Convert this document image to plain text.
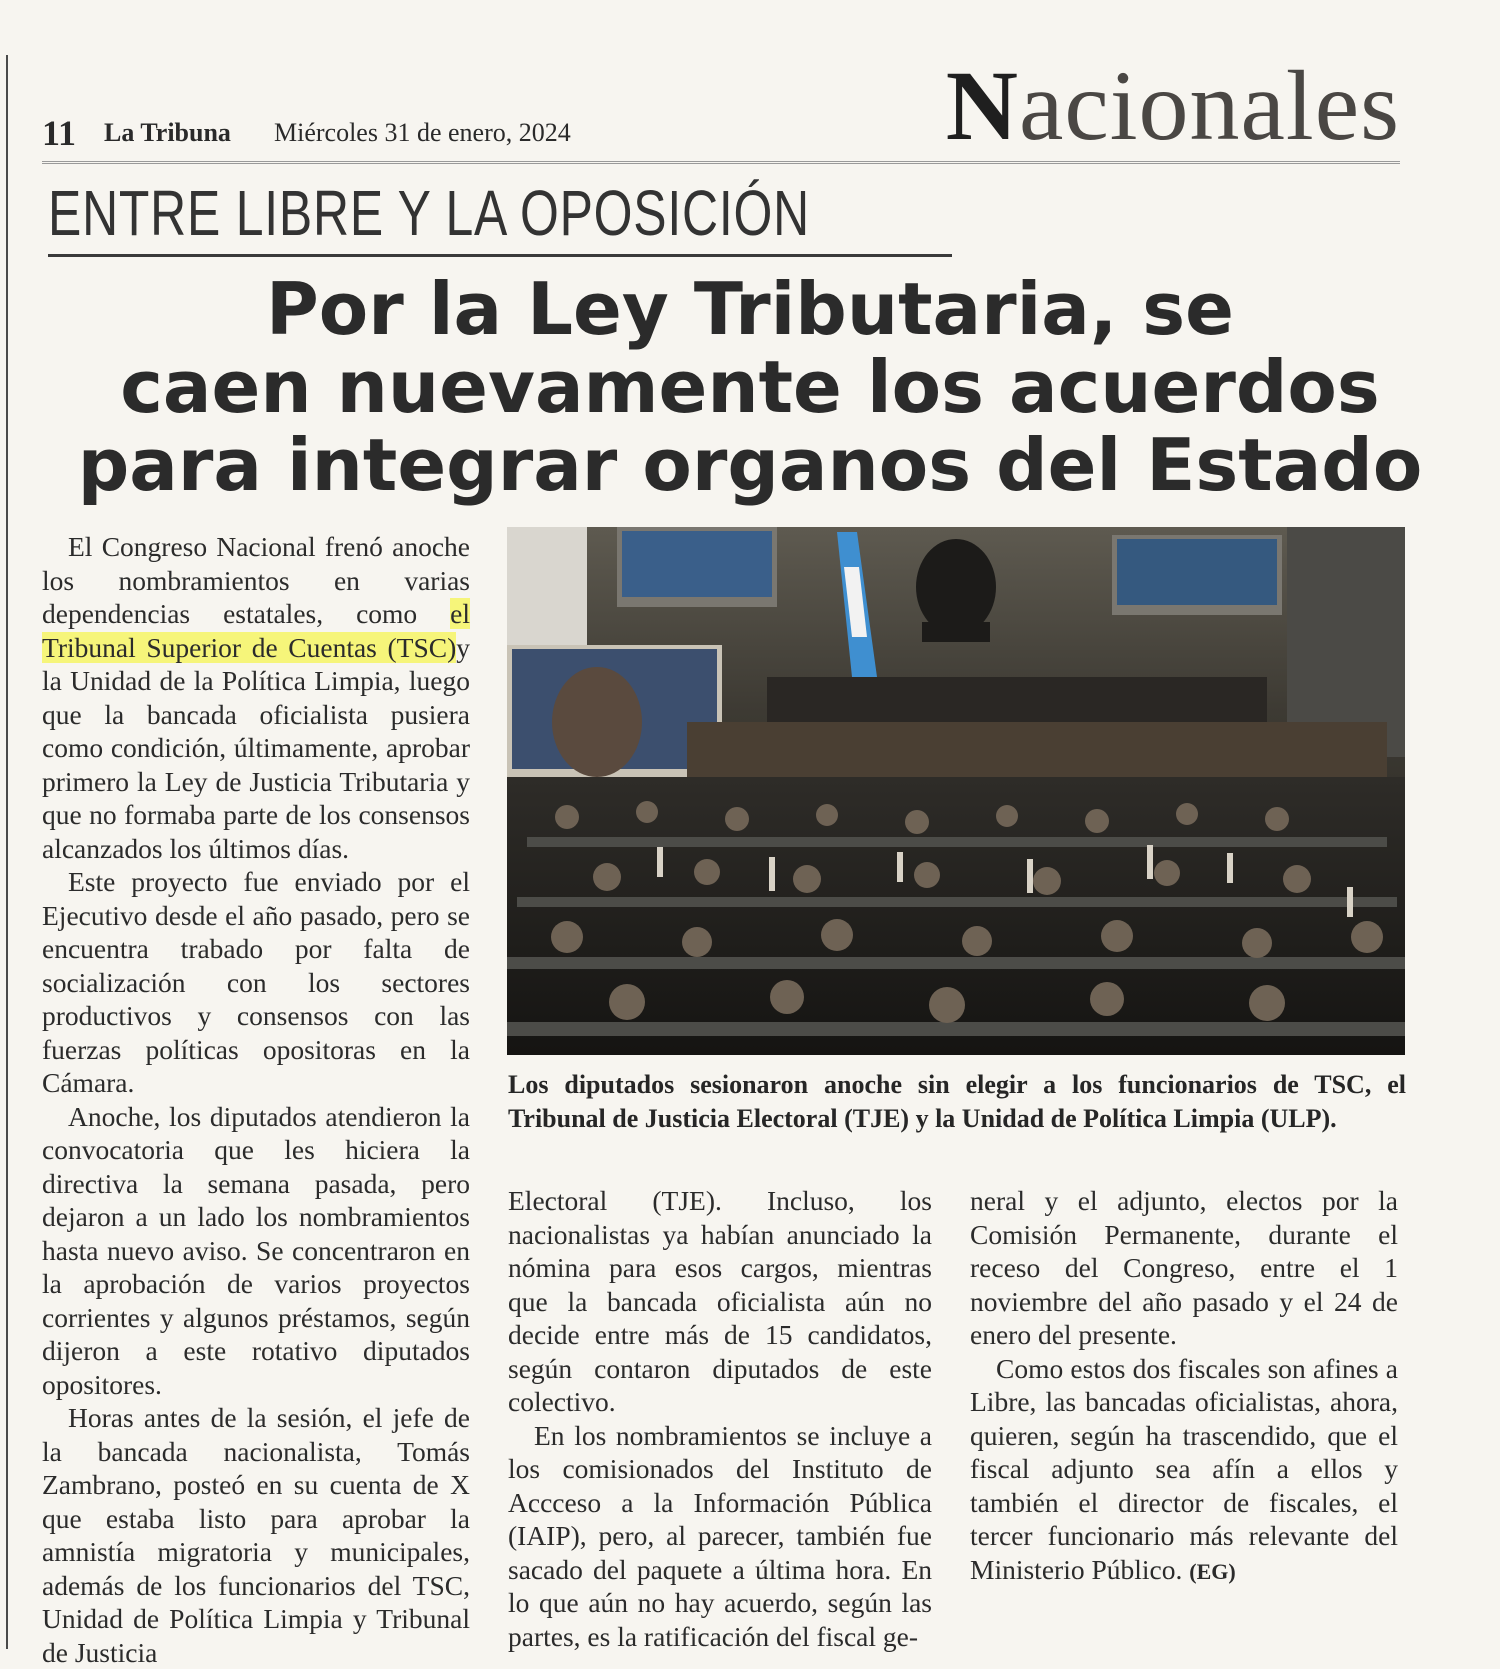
11 La Tribuna Miércoles 31 de enero, 2024	Nacionales
ENTRE LIBRE Y LA OPOSICIÓN
Por la Ley Tributaria, se
caen nuevamente los acuerdos
para integrar organos del Estado

El Congreso Nacional frenó anoche los nombramientos en varias dependencias estatales, como el Tribunal Superior de Cuentas (TSC)y la Unidad de la Política Limpia, luego que la bancada oficialista pusiera como condición, últimamente, aprobar primero la Ley de Justicia Tributaria y que no formaba parte de los consensos alcanzados los últimos días.

Este proyecto fue enviado por el Ejecutivo desde el año pasado, pero se encuentra trabado por falta de socialización con los sectores productivos y consensos con las fuerzas políticas opositoras en la Cámara.

Anoche, los diputados atendieron la convocatoria que les hiciera la directiva la semana pasada, pero dejaron a un lado los nombramientos hasta nuevo aviso. Se concentraron en la aprobación de varios proyectos corrientes y algunos préstamos, según dijeron a este rotativo diputados opositores.

Horas antes de la sesión, el jefe de la bancada nacionalista, Tomás Zambrano, posteó en su cuenta de X que estaba listo para aprobar la amnistía migratoria y municipales, además de los funcionarios del TSC, Unidad de Política Limpia y Tribunal de Justicia

Los diputados sesionaron anoche sin elegir a los funcionarios de TSC, el Tribunal de Justicia Electoral (TJE) y la Unidad de Política Limpia (ULP).

Electoral (TJE). Incluso, los nacionalistas ya habían anunciado la nómina para esos cargos, mientras que la bancada oficialista aún no decide entre más de 15 candidatos, según contaron diputados de este colectivo.

En los nombramientos se incluye a los comisionados del Instituto de Accceso a la Información Pública (IAIP), pero, al parecer, también fue sacado del paquete a última hora. En lo que aún no hay acuerdo, según las partes, es la ratificación del fiscal ge-

neral y el adjunto, electos por la Comisión Permanente, durante el receso del Congreso, entre el 1 noviembre del año pasado y el 24 de enero del presente.

Como estos dos fiscales son afines a Libre, las bancadas oficialistas, ahora, quieren, según ha trascendido, que el fiscal adjunto sea afín a ellos y también el director de fiscales, el tercer funcionario más relevante del Ministerio Público. (EG)
